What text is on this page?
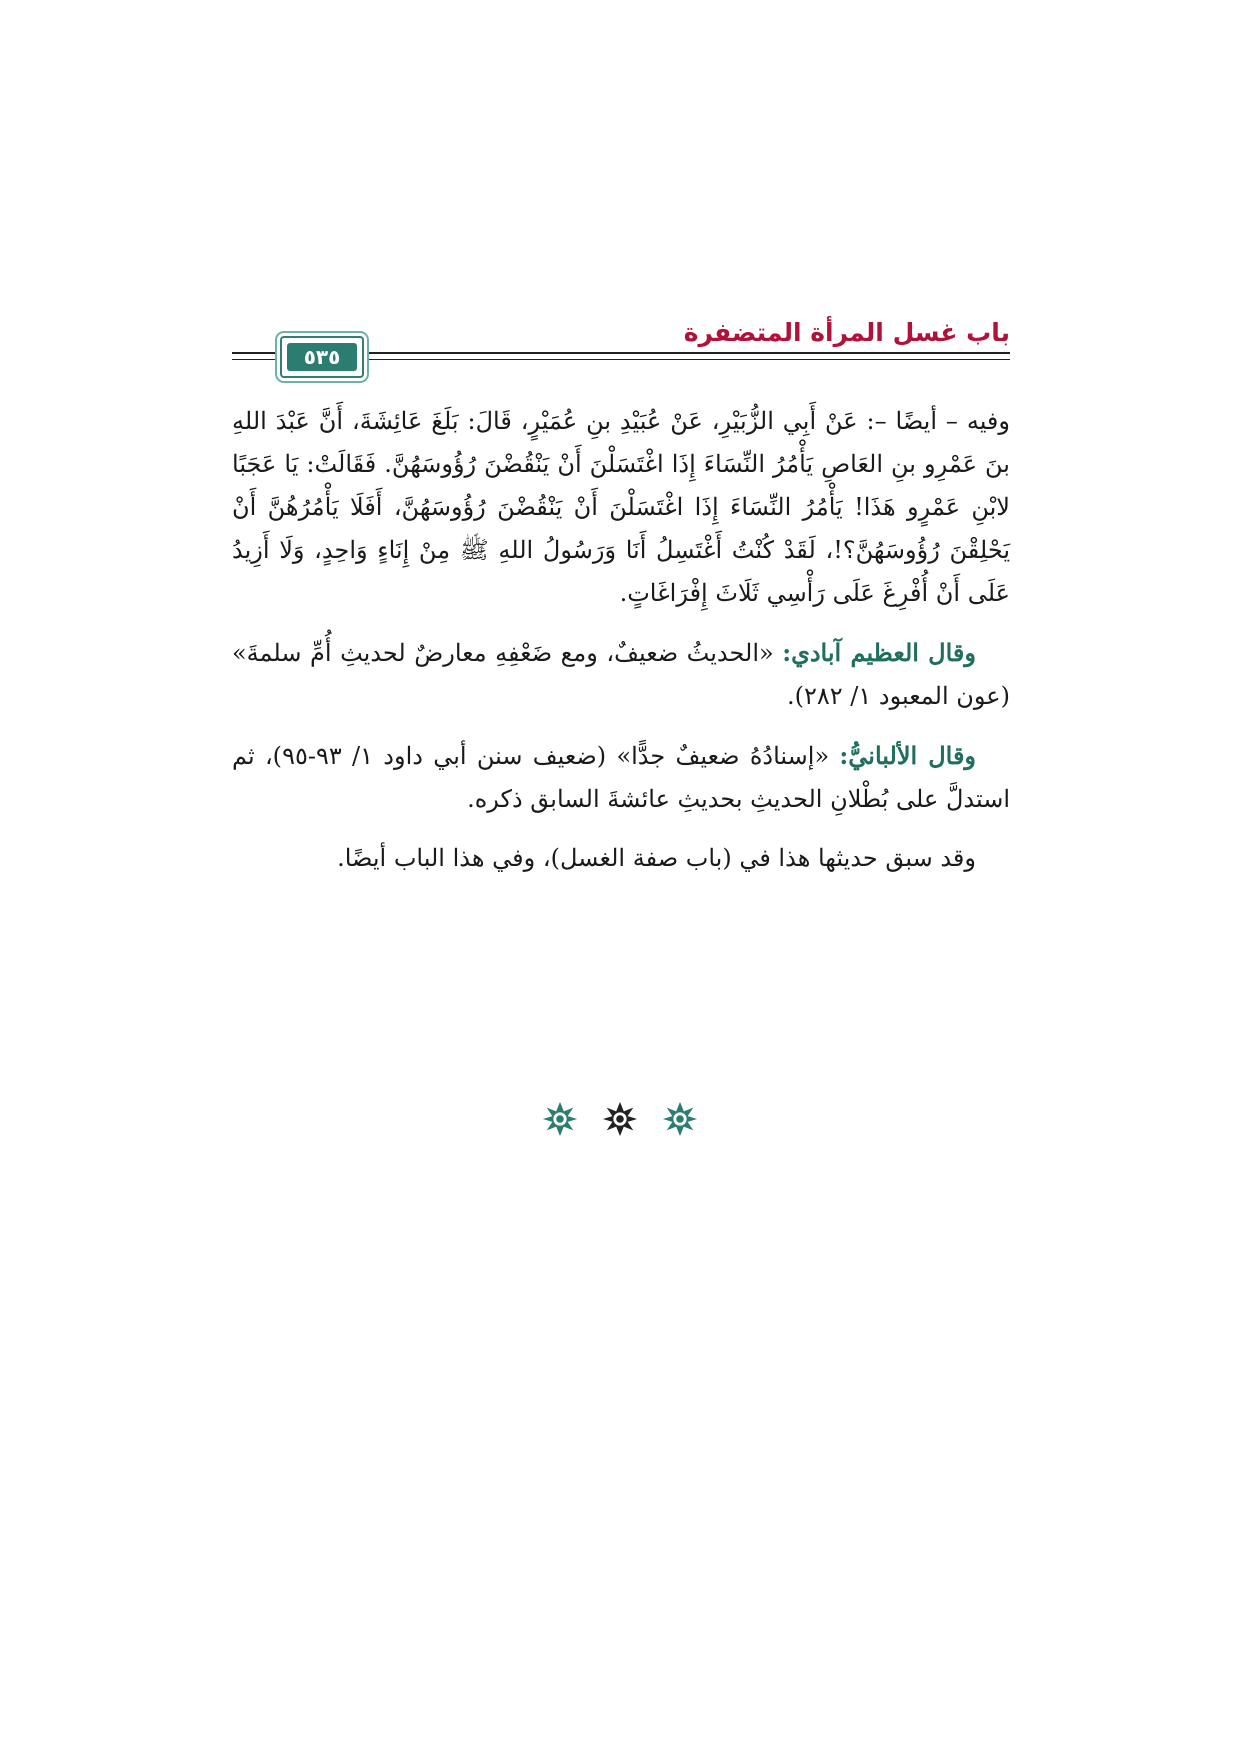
باب غسل المرأة المتضفرة
٥٣٥

وفيه – أيضًا –: عَنْ أَبِي الزُّبَيْرِ، عَنْ عُبَيْدِ بنِ عُمَيْرٍ، قَالَ: بَلَغَ عَائِشَةَ، أَنَّ عَبْدَ اللهِ بنَ عَمْرِو بنِ العَاصِ يَأْمُرُ النِّسَاءَ إِذَا اغْتَسَلْنَ أَنْ يَنْقُضْنَ رُؤُوسَهُنَّ. فَقَالَتْ: يَا عَجَبًا لابْنِ عَمْرٍو هَذَا! يَأْمُرُ النِّسَاءَ إِذَا اغْتَسَلْنَ أَنْ يَنْقُضْنَ رُؤُوسَهُنَّ، أَفَلَا يَأْمُرُهُنَّ أَنْ يَحْلِقْنَ رُؤُوسَهُنَّ؟!، لَقَدْ كُنْتُ أَغْتَسِلُ أَنَا وَرَسُولُ اللهِ ﷺ مِنْ إِنَاءٍ وَاحِدٍ، وَلَا أَزِيدُ عَلَى أَنْ أُفْرِغَ عَلَى رَأْسِي ثَلَاثَ إِفْرَاغَاتٍ.

وقال العظيم آبادي: «الحديثُ ضعيفٌ، ومع ضَعْفِهِ معارضٌ لحديثِ أُمِّ سلمةَ» (عون المعبود ١/ ٢٨٢).

وقال الألبانيُّ: «إسنادُهُ ضعيفٌ جدًّا» (ضعيف سنن أبي داود ١/ ٩٣-٩٥)، ثم استدلَّ على بُطْلانِ الحديثِ بحديثِ عائشةَ السابق ذكره.

وقد سبق حديثها هذا في (باب صفة الغسل)، وفي هذا الباب أيضًا.
